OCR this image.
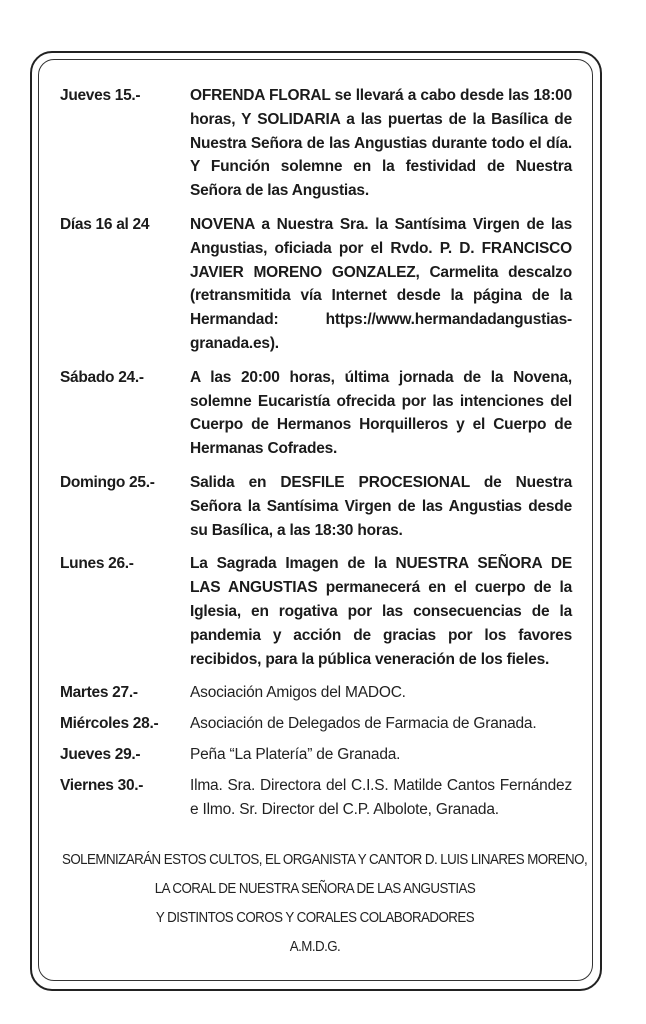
Jueves 15.-	OFRENDA FLORAL se llevará a cabo desde las 18:00 horas, Y SOLIDARIA a las puertas de la Basílica de Nuestra Señora de las Angustias durante todo el día. Y Función solemne en la festividad de Nuestra Señora de las Angustias.
Días 16 al 24	NOVENA a Nuestra Sra. la Santísima Virgen de las Angustias, oficiada por el Rvdo. P. D. FRANCISCO JAVIER MORENO GONZALEZ, Carmelita descalzo (retransmitida vía Internet desde la página de la Hermandad: https://www.hermandadangustias-granada.es).
Sábado 24.-	A las 20:00 horas, última jornada de la Novena, solemne Eucaristía ofrecida por las intenciones del Cuerpo de Hermanos Horquilleros y el Cuerpo de Hermanas Cofrades.
Domingo 25.-	Salida en DESFILE PROCESIONAL de Nuestra Señora la Santísima Virgen de las Angustias desde su Basílica, a las 18:30 horas.
Lunes 26.-	La Sagrada Imagen de la NUESTRA SEÑORA DE LAS ANGUSTIAS permanecerá en el cuerpo de la Iglesia, en rogativa por las consecuencias de la pandemia y acción de gracias por los favores recibidos, para la pública veneración de los fieles.
Martes 27.-	Asociación Amigos del MADOC.
Miércoles 28.-	Asociación de Delegados de Farmacia de Granada.
Jueves 29.-	Peña “La Platería” de Granada.
Viernes 30.-	Ilma. Sra. Directora del C.I.S. Matilde Cantos Fernández e Ilmo. Sr. Director del C.P. Albolote, Granada.
SOLEMNIZARÁN ESTOS CULTOS, EL ORGANISTA Y CANTOR D. LUIS LINARES MORENO,
LA CORAL DE NUESTRA SEÑORA DE LAS ANGUSTIAS
Y DISTINTOS COROS Y CORALES COLABORADORES
A.M.D.G.
